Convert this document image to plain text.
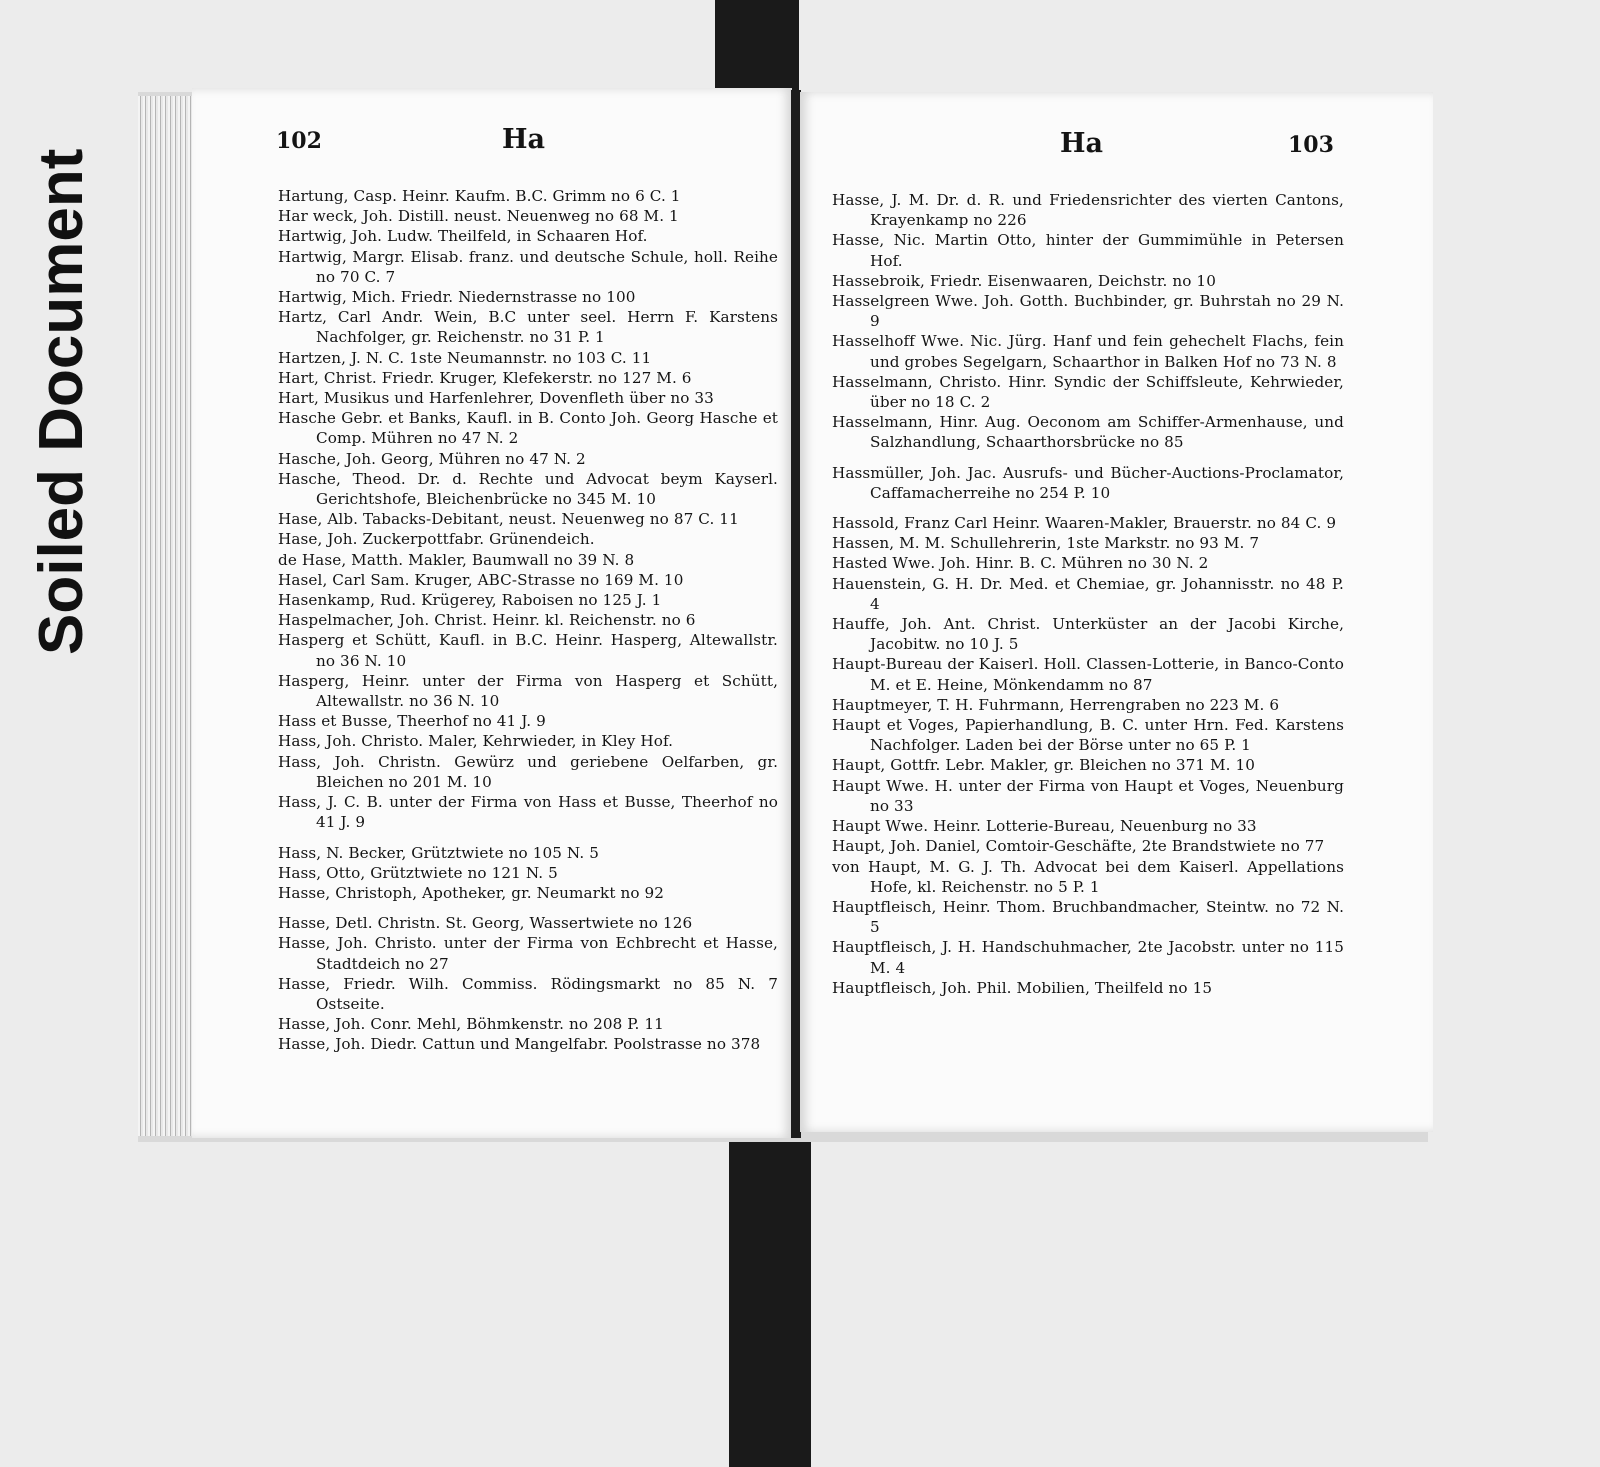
Soiled Document
102	Ha
Hartung, Casp. Heinr. Kaufm. B.C. Grimm no 6 C. 1
Har weck, Joh. Distill. neust. Neuenweg no 68 M. 1
Hartwig, Joh. Ludw. Theilfeld, in Schaaren Hof.
Hartwig, Margr. Elisab. franz. und deutsche Schule, holl. Reihe no 70 C. 7
Hartwig, Mich. Friedr. Niedernstrasse no 100
Hartz, Carl Andr. Wein, B.C unter seel. Herrn F. Karstens Nachfolger, gr. Reichenstr. no 31 P. 1
Hartzen, J. N. C. 1ste Neumannstr. no 103 C. 11
Hart, Christ. Friedr. Kruger, Klefekerstr. no 127 M. 6
Hart, Musikus und Harfenlehrer, Dovenfleth über no 33
Hasche Gebr. et Banks, Kaufl. in B. Conto Joh. Georg Hasche et Comp. Mühren no 47 N. 2
Hasche, Joh. Georg, Mühren no 47 N. 2
Hasche, Theod. Dr. d. Rechte und Advocat beym Kayserl. Gerichtshofe, Bleichenbrücke no 345 M. 10
Hase, Alb. Tabacks-Debitant, neust. Neuenweg no 87 C. 11
Hase, Joh. Zuckerpottfabr. Grünendeich.
de Hase, Matth. Makler, Baumwall no 39 N. 8
Hasel, Carl Sam. Kruger, ABC-Strasse no 169 M. 10
Hasenkamp, Rud. Krügerey, Raboisen no 125 J. 1
Haspelmacher, Joh. Christ. Heinr. kl. Reichenstr. no 6
Hasperg et Schütt, Kaufl. in B.C. Heinr. Hasperg, Altewallstr. no 36 N. 10
Hasperg, Heinr. unter der Firma von Hasperg et Schütt, Altewallstr. no 36 N. 10
Hass et Busse, Theerhof no 41 J. 9
Hass, Joh. Christo. Maler, Kehrwieder, in Kley Hof.
Hass, Joh. Christn. Gewürz und geriebene Oelfarben, gr. Bleichen no 201 M. 10
Hass, J. C. B. unter der Firma von Hass et Busse, Theerhof no 41 J. 9
Hass, N. Becker, Grütztwiete no 105 N. 5
Hass, Otto, Grütztwiete no 121 N. 5
Hasse, Christoph, Apotheker, gr. Neumarkt no 92
Hasse, Detl. Christn. St. Georg, Wassertwiete no 126
Hasse, Joh. Christo. unter der Firma von Echbrecht et Hasse, Stadtdeich no 27
Hasse, Friedr. Wilh. Commiss. Rödingsmarkt no 85 N. 7 Ostseite.
Hasse, Joh. Conr. Mehl, Böhmkenstr. no 208 P. 11
Hasse, Joh. Diedr. Cattun und Mangelfabr. Poolstrasse no 378
Ha	103
Hasse, J. M. Dr. d. R. und Friedensrichter des vierten Cantons, Krayenkamp no 226
Hasse, Nic. Martin Otto, hinter der Gummimühle in Petersen Hof.
Hassebroik, Friedr. Eisenwaaren, Deichstr. no 10
Hasselgreen Wwe. Joh. Gotth. Buchbinder, gr. Buhrstah no 29 N. 9
Hasselhoff Wwe. Nic. Jürg. Hanf und fein gehechelt Flachs, fein und grobes Segelgarn, Schaarthor in Balken Hof no 73 N. 8
Hasselmann, Christo. Hinr. Syndic der Schiffsleute, Kehrwieder, über no 18 C. 2
Hasselmann, Hinr. Aug. Oeconom am Schiffer-Armenhause, und Salzhandlung, Schaarthorsbrücke no 85
Hassmüller, Joh. Jac. Ausrufs- und Bücher-Auctions-Proclamator, Caffamacherreihe no 254 P. 10
Hassold, Franz Carl Heinr. Waaren-Makler, Brauerstr. no 84 C. 9
Hassen, M. M. Schullehrerin, 1ste Markstr. no 93 M. 7
Hasted Wwe. Joh. Hinr. B. C. Mühren no 30 N. 2
Hauenstein, G. H. Dr. Med. et Chemiae, gr. Johannisstr. no 48 P. 4
Hauffe, Joh. Ant. Christ. Unterküster an der Jacobi Kirche, Jacobitw. no 10 J. 5
Haupt-Bureau der Kaiserl. Holl. Classen-Lotterie, in Banco-Conto M. et E. Heine, Mönkendamm no 87
Hauptmeyer, T. H. Fuhrmann, Herrengraben no 223 M. 6
Haupt et Voges, Papierhandlung, B. C. unter Hrn. Fed. Karstens Nachfolger. Laden bei der Börse unter no 65 P. 1
Haupt, Gottfr. Lebr. Makler, gr. Bleichen no 371 M. 10
Haupt Wwe. H. unter der Firma von Haupt et Voges, Neuenburg no 33
Haupt Wwe. Heinr. Lotterie-Bureau, Neuenburg no 33
Haupt, Joh. Daniel, Comtoir-Geschäfte, 2te Brandstwiete no 77
von Haupt, M. G. J. Th. Advocat bei dem Kaiserl. Appellations Hofe, kl. Reichenstr. no 5 P. 1
Hauptfleisch, Heinr. Thom. Bruchbandmacher, Steintw. no 72 N. 5
Hauptfleisch, J. H. Handschuhmacher, 2te Jacobstr. unter no 115 M. 4
Hauptfleisch, Joh. Phil. Mobilien, Theilfeld no 15
